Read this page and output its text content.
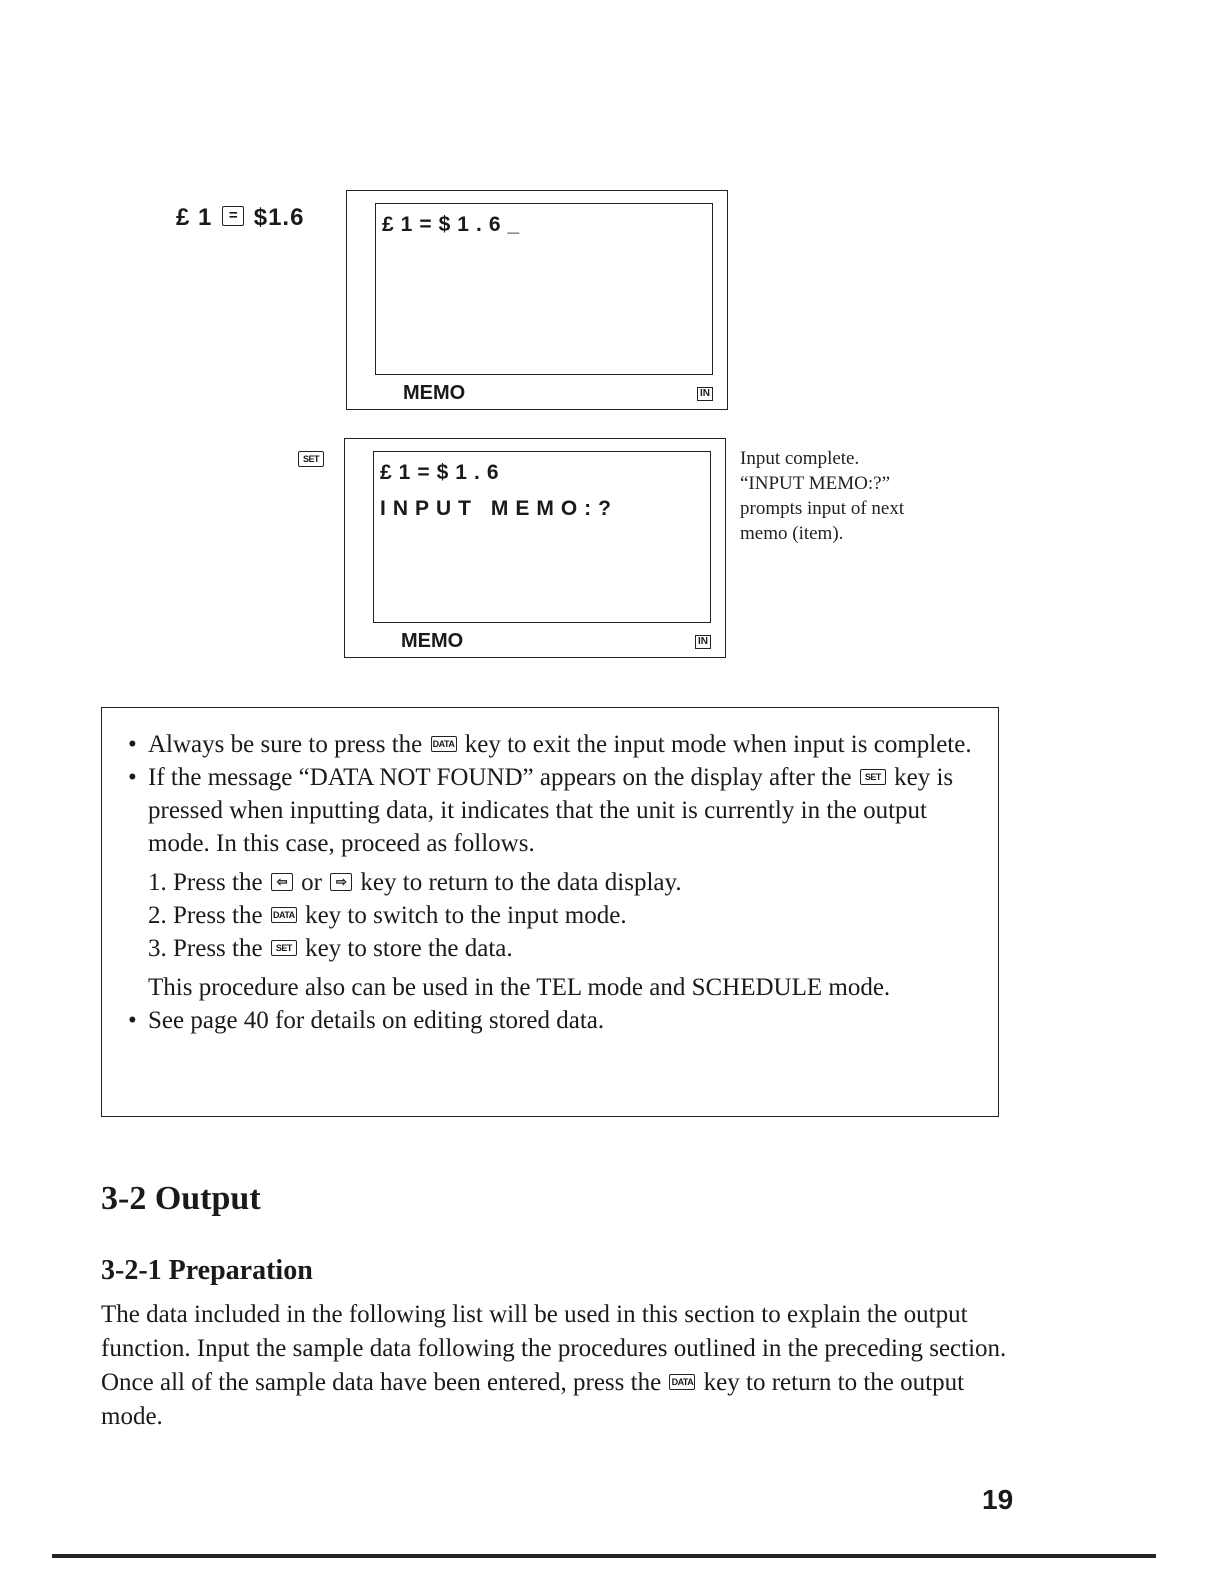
£ 1 = $1.6
SET
£1=$1.6_
MEMO	IN
£1=$1.6
INPUT MEMO:?
MEMO	IN
Input complete.
“INPUT MEMO:?”
prompts input of next
memo (item).
• Always be sure to press the DATA key to exit the input mode when input is complete.
• If the message “DATA NOT FOUND” appears on the display after the SET key is pressed when inputting data, it indicates that the unit is currently in the output mode. In this case, proceed as follows.
1. Press the ⇦ or ⇨ key to return to the data display.
2. Press the DATA key to switch to the input mode.
3. Press the SET key to store the data.
This procedure also can be used in the TEL mode and SCHEDULE mode.
• See page 40 for details on editing stored data.
3-2 Output
3-2-1 Preparation
The data included in the following list will be used in this section to explain the output function. Input the sample data following the procedures outlined in the preceding section.
Once all of the sample data have been entered, press the DATA key to return to the output mode.
19
